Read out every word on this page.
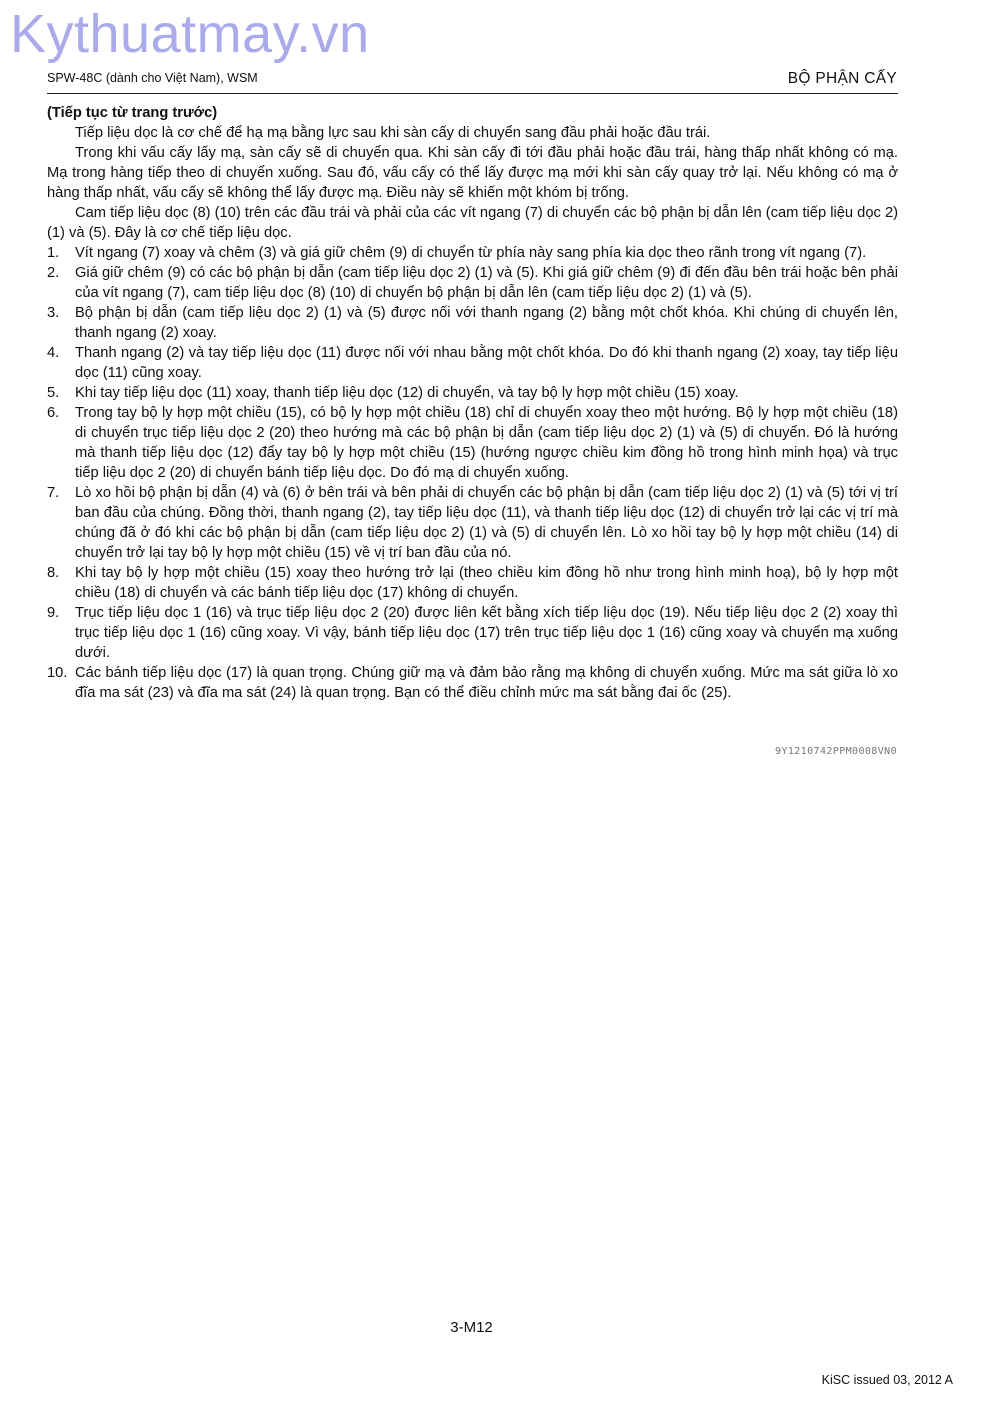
Kythuatmay.vn
SPW-48C (dành cho Việt Nam), WSM	BỘ PHẬN CẤY

(Tiếp tục từ trang trước)

Tiếp liệu dọc là cơ chế để hạ mạ bằng lực sau khi sàn cấy di chuyển sang đầu phải hoặc đầu trái.

Trong khi vấu cấy lấy mạ, sàn cấy sẽ di chuyển qua. Khi sàn cấy đi tới đầu phải hoặc đầu trái, hàng thấp nhất không có mạ. Mạ trong hàng tiếp theo di chuyển xuống. Sau đó, vấu cấy có thể lấy được mạ mới khi sàn cấy quay trở lại. Nếu không có mạ ở hàng thấp nhất, vấu cấy sẽ không thể lấy được mạ. Điều này sẽ khiến một khóm bị trống.

Cam tiếp liệu dọc (8) (10) trên các đầu trái và phải của các vít ngang (7) di chuyển các bộ phận bị dẫn lên (cam tiếp liệu dọc 2) (1) và (5). Đây là cơ chế tiếp liệu dọc.

1. Vít ngang (7) xoay và chêm (3) và giá giữ chêm (9) di chuyển từ phía này sang phía kia dọc theo rãnh trong vít ngang (7).
2. Giá giữ chêm (9) có các bộ phận bị dẫn (cam tiếp liệu dọc 2) (1) và (5). Khi giá giữ chêm (9) đi đến đầu bên trái hoặc bên phải của vít ngang (7), cam tiếp liệu dọc (8) (10) di chuyển bộ phận bị dẫn lên (cam tiếp liệu dọc 2) (1) và (5).
3. Bộ phận bị dẫn (cam tiếp liệu dọc 2) (1) và (5) được nối với thanh ngang (2) bằng một chốt khóa. Khi chúng di chuyển lên, thanh ngang (2) xoay.
4. Thanh ngang (2) và tay tiếp liệu dọc (11) được nối với nhau bằng một chốt khóa. Do đó khi thanh ngang (2) xoay, tay tiếp liệu dọc (11) cũng xoay.
5. Khi tay tiếp liệu dọc (11) xoay, thanh tiếp liệu dọc (12) di chuyển, và tay bộ ly hợp một chiều (15) xoay.
6. Trong tay bộ ly hợp một chiều (15), có bộ ly hợp một chiều (18) chỉ di chuyển xoay theo một hướng. Bộ ly hợp một chiều (18) di chuyển trục tiếp liệu dọc 2 (20) theo hướng mà các bộ phận bị dẫn (cam tiếp liệu dọc 2) (1) và (5) di chuyển. Đó là hướng mà thanh tiếp liệu dọc (12) đẩy tay bộ ly hợp một chiều (15) (hướng ngược chiều kim đồng hồ trong hình minh họa) và trục tiếp liệu dọc 2 (20) di chuyển bánh tiếp liệu dọc. Do đó mạ di chuyển xuống.
7. Lò xo hồi bộ phận bị dẫn (4) và (6) ở bên trái và bên phải di chuyển các bộ phận bị dẫn (cam tiếp liệu dọc 2) (1) và (5) tới vị trí ban đầu của chúng. Đồng thời, thanh ngang (2), tay tiếp liệu dọc (11), và thanh tiếp liệu dọc (12) di chuyển trở lại các vị trí mà chúng đã ở đó khi các bộ phận bị dẫn (cam tiếp liệu dọc 2) (1) và (5) di chuyển lên. Lò xo hồi tay bộ ly hợp một chiều (14) di chuyển trở lại tay bộ ly hợp một chiều (15) về vị trí ban đầu của nó.
8. Khi tay bộ ly hợp một chiều (15) xoay theo hướng trở lại (theo chiều kim đồng hồ như trong hình minh hoạ), bộ ly hợp một chiều (18) di chuyển và các bánh tiếp liệu dọc (17) không di chuyển.
9. Trục tiếp liệu dọc 1 (16) và trục tiếp liệu dọc 2 (20) được liên kết bằng xích tiếp liệu dọc (19). Nếu tiếp liệu dọc 2 (2) xoay thì trục tiếp liệu dọc 1 (16) cũng xoay. Vì vậy, bánh tiếp liệu dọc (17) trên trục tiếp liệu dọc 1 (16) cũng xoay và chuyển mạ xuống dưới.
10. Các bánh tiếp liệu dọc (17) là quan trọng. Chúng giữ mạ và đảm bảo rằng mạ không di chuyển xuống. Mức ma sát giữa lò xo đĩa ma sát (23) và đĩa ma sát (24) là quan trọng. Bạn có thể điều chỉnh mức ma sát bằng đai ốc (25).
9Y1210742PPM0008VN0
3-M12
KiSC issued 03, 2012 A
